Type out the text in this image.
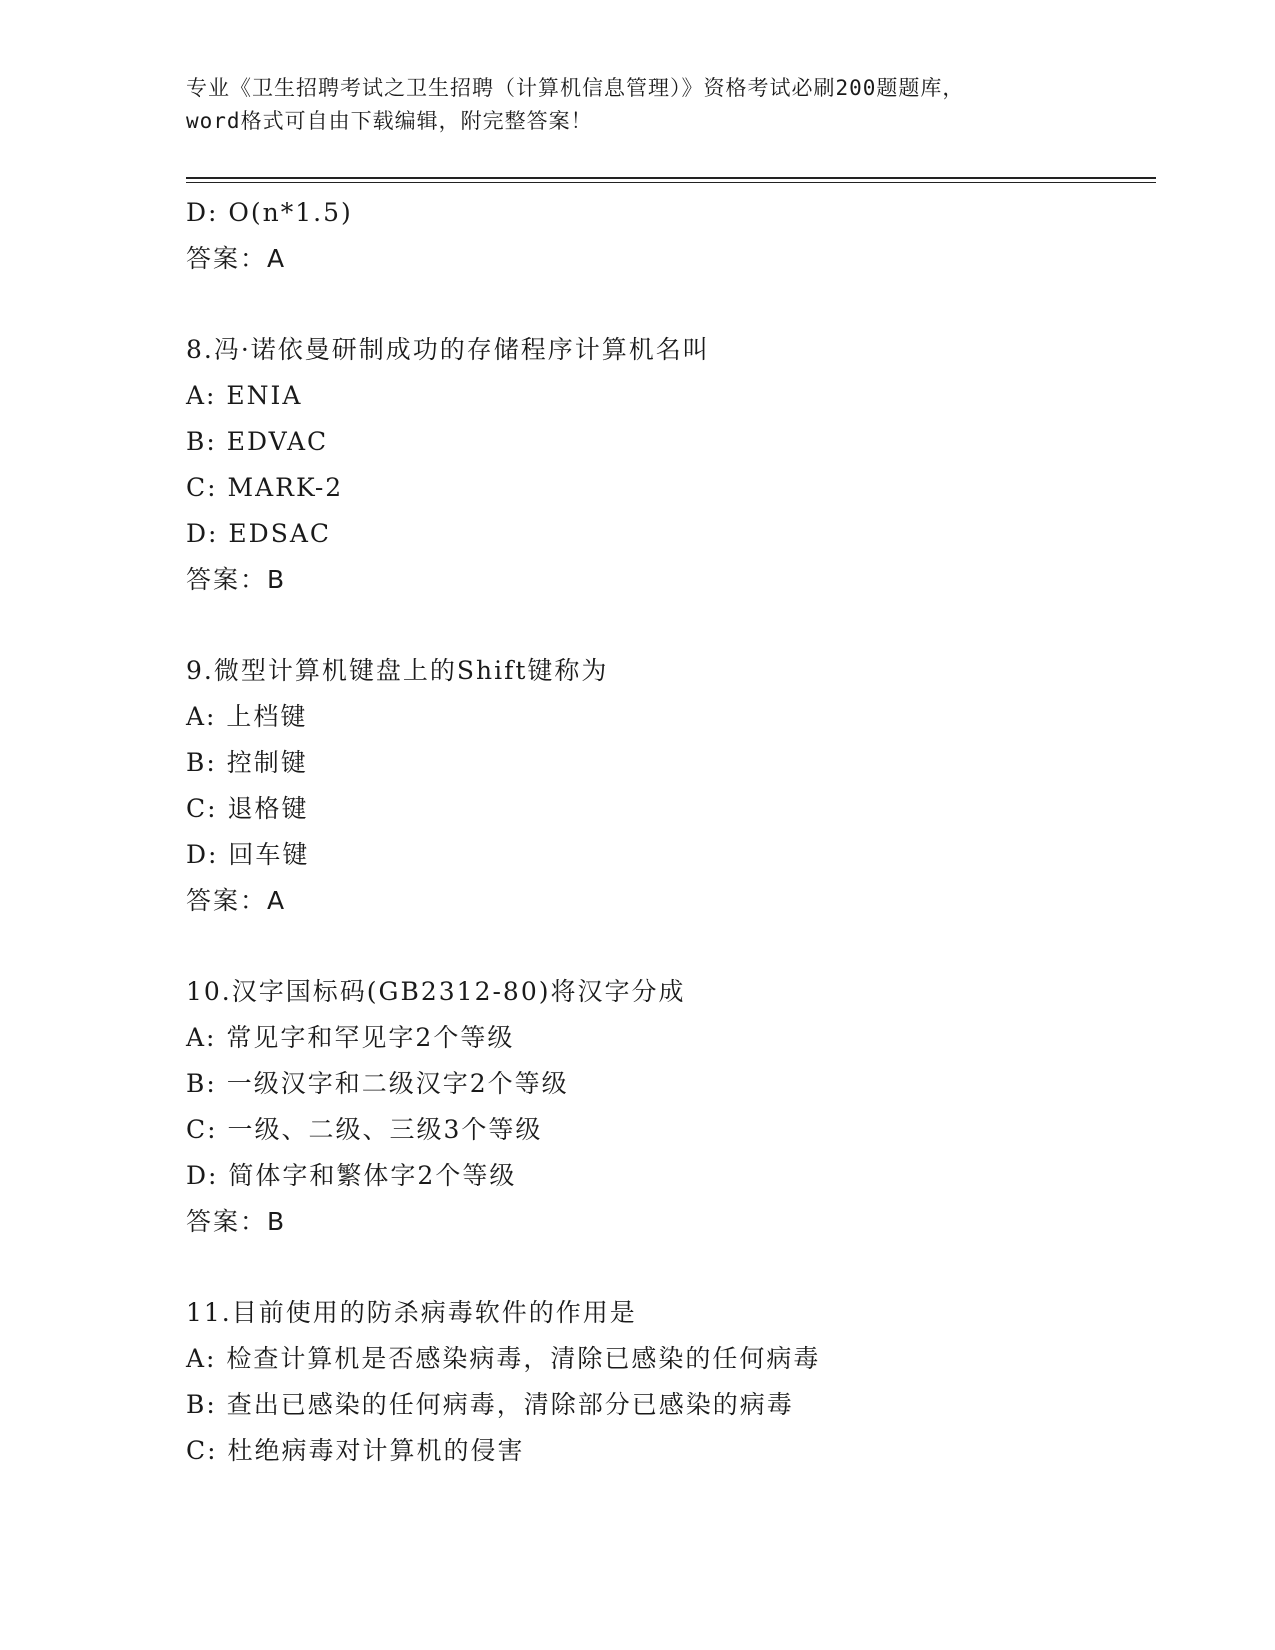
专业《卫生招聘考试之卫生招聘（计算机信息管理）》资格考试必刷200题题库，
word格式可自由下载编辑，附完整答案！
D: O(n*1.5)
答案：A
8.冯·诺依曼研制成功的存储程序计算机名叫
A: ENIA
B: EDVAC
C: MARK-2
D: EDSAC
答案：B
9.微型计算机键盘上的Shift键称为
A: 上档键
B: 控制键
C: 退格键
D: 回车键
答案：A
10.汉字国标码(GB2312-80)将汉字分成
A: 常见字和罕见字2个等级
B: 一级汉字和二级汉字2个等级
C: 一级、二级、三级3个等级
D: 简体字和繁体字2个等级
答案：B
11.目前使用的防杀病毒软件的作用是
A: 检查计算机是否感染病毒，清除已感染的任何病毒
B: 查出已感染的任何病毒，清除部分已感染的病毒
C: 杜绝病毒对计算机的侵害
